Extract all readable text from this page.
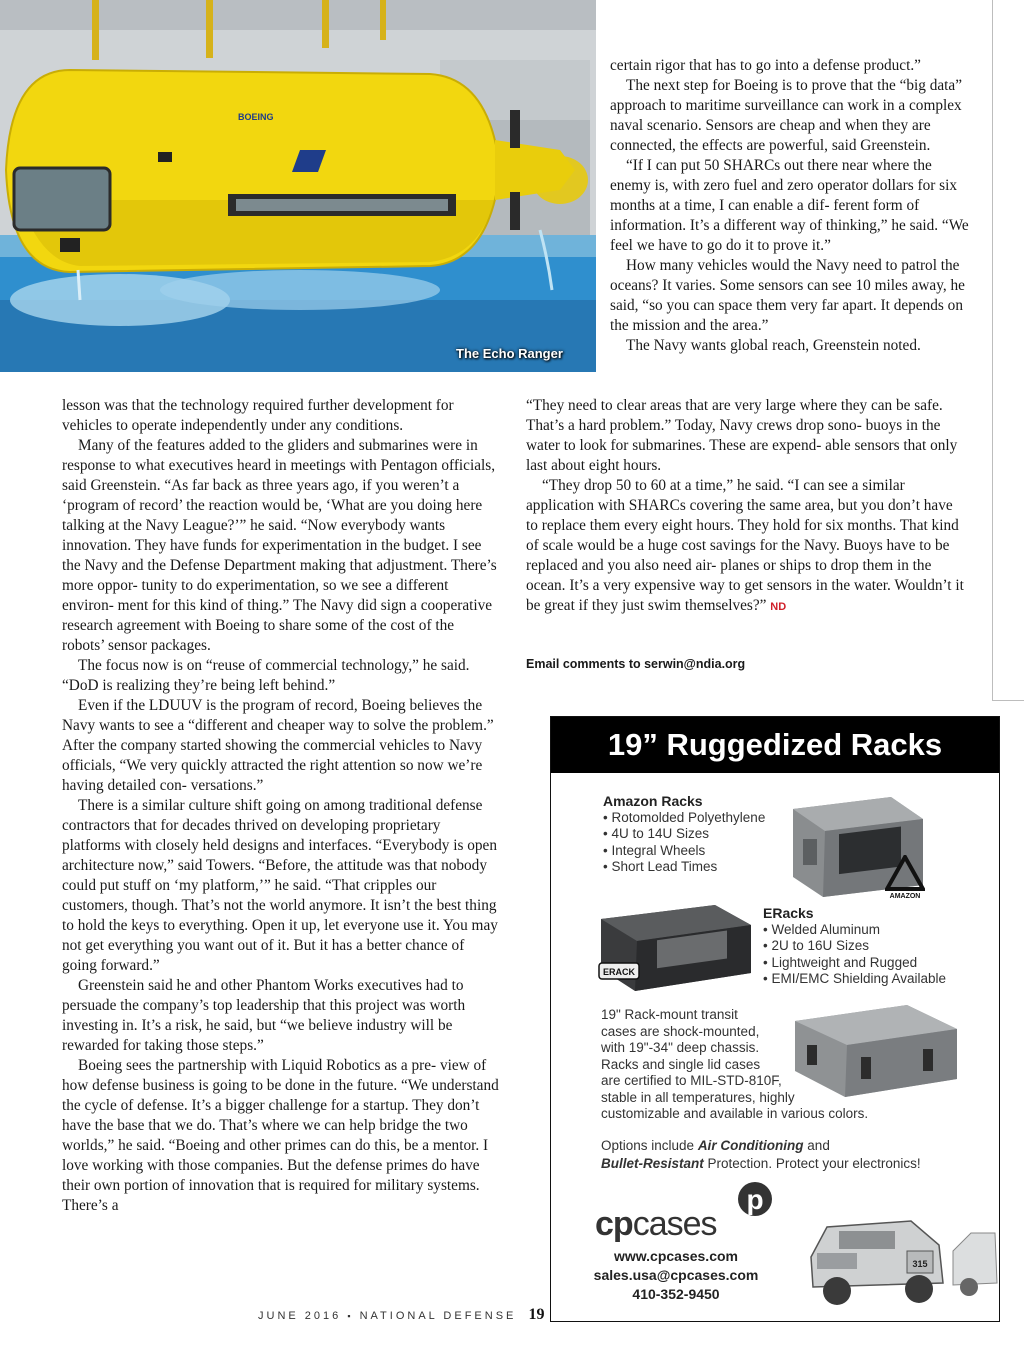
BOEING
The Echo Ranger

certain rigor that has to go into a defense product.”

The next step for Boeing is to prove that the “big data” approach to maritime surveillance can work in a complex naval scenario. Sensors are cheap and when they are connected, the effects are powerful, said Greenstein.

“If I can put 50 SHARCs out there near where the enemy is, with zero fuel and zero operator dollars for six months at a time, I can enable a dif- ferent form of information. It’s a different way of thinking,” he said. “We feel we have to go do it to prove it.”

How many vehicles would the Navy need to patrol the oceans? It varies. Some sensors can see 10 miles away, he said, “so you can space them very far apart. It depends on the mission and the area.”

The Navy wants global reach, Greenstein noted.

“They need to clear areas that are very large where they can be safe. That’s a hard problem.” Today, Navy crews drop sono- buoys in the water to look for submarines. These are expend- able sensors that only last about eight hours.

“They drop 50 to 60 at a time,” he said. “I can see a similar application with SHARCs covering the same area, but you don’t have to replace them every eight hours. They hold for six months. That kind of scale would be a huge cost savings for the Navy. Buoys have to be replaced and you also need air- planes or ships to drop them in the ocean. It’s a very expensive way to get sensors in the water. Wouldn’t it be great if they just swim themselves?” ND

Email comments to serwin@ndia.org

lesson was that the technology required further development for vehicles to operate independently under any conditions.

Many of the features added to the gliders and submarines were in response to what executives heard in meetings with Pentagon officials, said Greenstein. “As far back as three years ago, if you weren’t a ‘program of record’ the reaction would be, ‘What are you doing here talking at the Navy League?’” he said. “Now everybody wants innovation. They have funds for experimentation in the budget. I see the Navy and the Defense Department making that adjustment. There’s more oppor- tunity to do experimentation, so we see a different environ- ment for this kind of thing.” The Navy did sign a cooperative research agreement with Boeing to share some of the cost of the robots’ sensor packages.

The focus now is on “reuse of commercial technology,” he said. “DoD is realizing they’re being left behind.”

Even if the LDUUV is the program of record, Boeing believes the Navy wants to see a “different and cheaper way to solve the problem.” After the company started showing the commercial vehicles to Navy officials, “We very quickly attracted the right attention so now we’re having detailed con- versations.”

There is a similar culture shift going on among traditional defense contractors that for decades thrived on developing proprietary platforms with closely held designs and interfaces. “Everybody is open architecture now,” said Towers. “Before, the attitude was that nobody could put stuff on ‘my platform,’” he said. “That cripples our customers, though. That’s not the world anymore. It isn’t the best thing to hold the keys to everything. Open it up, let everyone use it. You may not get everything you want out of it. But it has a better chance of going forward.”

Greenstein said he and other Phantom Works executives had to persuade the company’s top leadership that this project was worth investing in. It’s a risk, he said, but “we believe industry will be rewarded for taking those steps.”

Boeing sees the partnership with Liquid Robotics as a pre- view of how defense business is going to be done in the future. “We understand the cycle of defense. It’s a bigger challenge for a startup. They don’t have the base that we do. That’s where we can help bridge the two worlds,” he said. “Boeing and other primes can do this, be a mentor. I love working with those companies. But the defense primes do have their own portion of innovation that is required for military systems. There’s a

JUNE 2016 ▪ NATIONAL DEFENSE 19
19” Ruggedized Racks
Amazon Racks
• Rotomolded Polyethylene
• 4U to 14U Sizes
• Integral Wheels
• Short Lead Times
AMAZON
ERACK
ERacks
• Welded Aluminum
• 2U to 16U Sizes
• Lightweight and Rugged
• EMI/EMC Shielding Available
19" Rack-mount transit
cases are shock-mounted,
with 19"-34" deep chassis.
Racks and single lid cases
are certified to MIL-STD-810F,
stable in all temperatures, highly
customizable and available in various colors.
Options include Air Conditioning and
Bullet-Resistant Protection. Protect your electronics!
p
cpcases
315
www.cpcases.com
sales.usa@cpcases.com
410-352-9450
